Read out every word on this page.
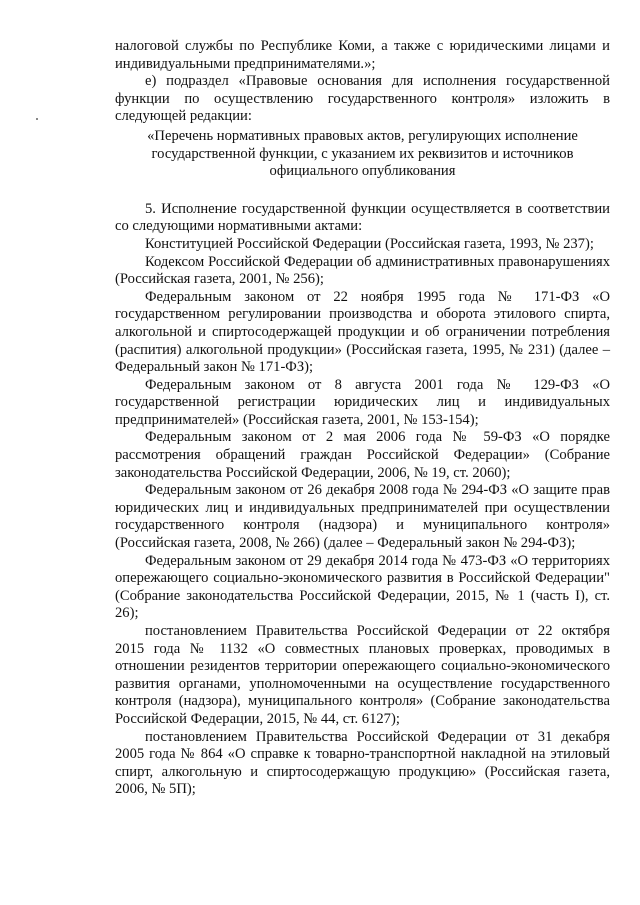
налоговой службы по Республике Коми, а также с юридическими лицами и индивидуальными предпринимателями.»;

е) подраздел «Правовые основания для исполнения государственной функции по осуществлению государственного контроля» изложить в следующей редакции:

«Перечень нормативных правовых актов, регулирующих исполнение государственной функции, с указанием их реквизитов и источников официального опубликования

5. Исполнение государственной функции осуществляется в соответствии со следующими нормативными актами:

Конституцией Российской Федерации (Российская газета, 1993, № 237);

Кодексом Российской Федерации об административных правонарушениях (Российская газета, 2001, № 256);

Федеральным законом от 22 ноября 1995 года № 171-ФЗ «О государственном регулировании производства и оборота этилового спирта, алкогольной и спиртосодержащей продукции и об ограничении потребления (распития) алкогольной продукции» (Российская газета, 1995, № 231) (далее – Федеральный закон № 171-ФЗ);

Федеральным законом от 8 августа 2001 года № 129-ФЗ «О государственной регистрации юридических лиц и индивидуальных предпринимателей» (Российская газета, 2001, № 153-154);

Федеральным законом от 2 мая 2006 года № 59-ФЗ «О порядке рассмотрения обращений граждан Российской Федерации» (Собрание законодательства Российской Федерации, 2006, № 19, ст. 2060);

Федеральным законом от 26 декабря 2008 года № 294-ФЗ «О защите прав юридических лиц и индивидуальных предпринимателей при осуществлении государственного контроля (надзора) и муниципального контроля» (Российская газета, 2008, № 266) (далее – Федеральный закон № 294-ФЗ);

Федеральным законом от 29 декабря 2014 года № 473-ФЗ «О территориях опережающего социально-экономического развития в Российской Федерации" (Собрание законодательства Российской Федерации, 2015, № 1 (часть I), ст. 26);

постановлением Правительства Российской Федерации от 22 октября 2015 года № 1132 «О совместных плановых проверках, проводимых в отношении резидентов территории опережающего социально-экономического развития органами, уполномоченными на осуществление государственного контроля (надзора), муниципального контроля» (Собрание законодательства Российской Федерации, 2015, № 44, ст. 6127);

постановлением Правительства Российской Федерации от 31 декабря 2005 года № 864 «О справке к товарно-транспортной накладной на этиловый спирт, алкогольную и спиртосодержащую продукцию» (Российская газета, 2006, № 5П);
